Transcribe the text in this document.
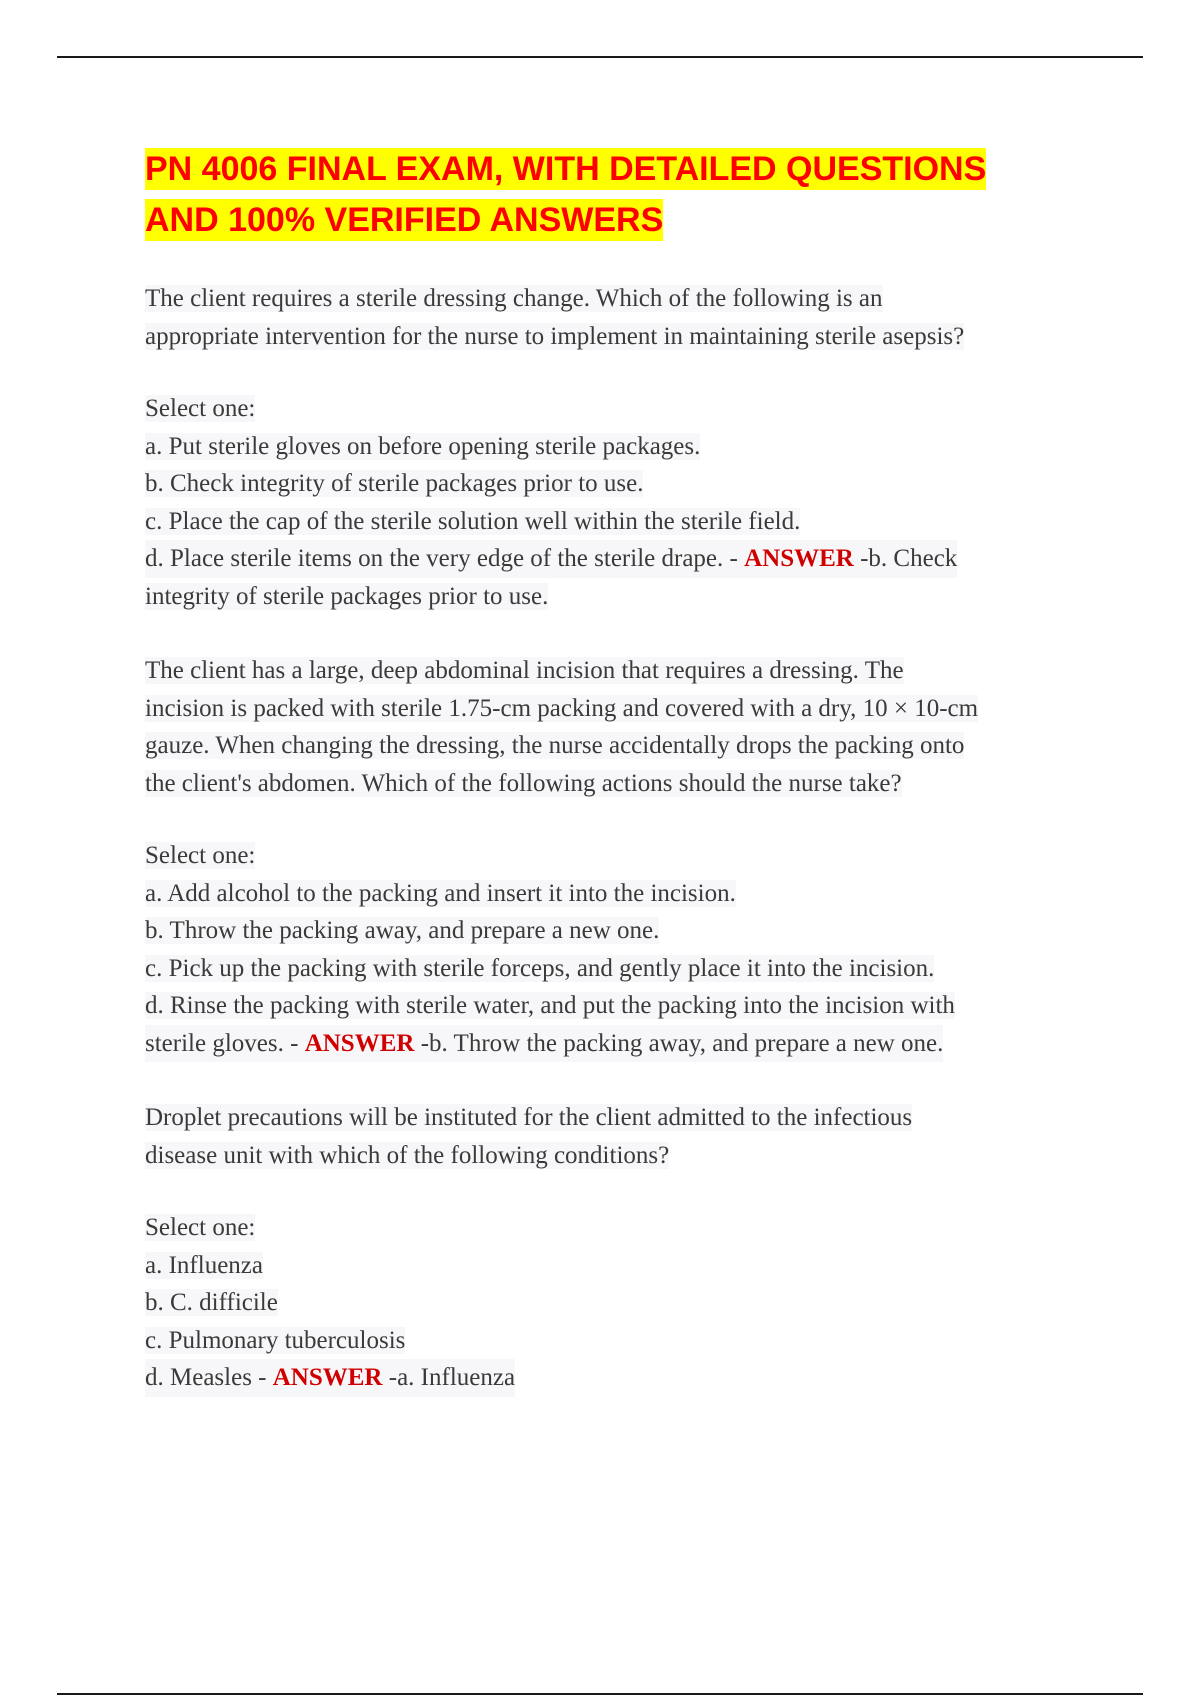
PN 4006 FINAL EXAM, WITH DETAILED QUESTIONS
AND 100% VERIFIED ANSWERS

The client requires a sterile dressing change. Which of the following is an

appropriate intervention for the nurse to implement in maintaining sterile asepsis?

Select one:

a. Put sterile gloves on before opening sterile packages.

b. Check integrity of sterile packages prior to use.

c. Place the cap of the sterile solution well within the sterile field.

d. Place sterile items on the very edge of the sterile drape. - ANSWER -b. Check

integrity of sterile packages prior to use.

The client has a large, deep abdominal incision that requires a dressing. The

incision is packed with sterile 1.75-cm packing and covered with a dry, 10 × 10-cm

gauze. When changing the dressing, the nurse accidentally drops the packing onto

the client's abdomen. Which of the following actions should the nurse take?

Select one:

a. Add alcohol to the packing and insert it into the incision.

b. Throw the packing away, and prepare a new one.

c. Pick up the packing with sterile forceps, and gently place it into the incision.

d. Rinse the packing with sterile water, and put the packing into the incision with

sterile gloves. - ANSWER -b. Throw the packing away, and prepare a new one.

Droplet precautions will be instituted for the client admitted to the infectious

disease unit with which of the following conditions?

Select one:

a. Influenza

b. C. difficile

c. Pulmonary tuberculosis

d. Measles - ANSWER -a. Influenza
